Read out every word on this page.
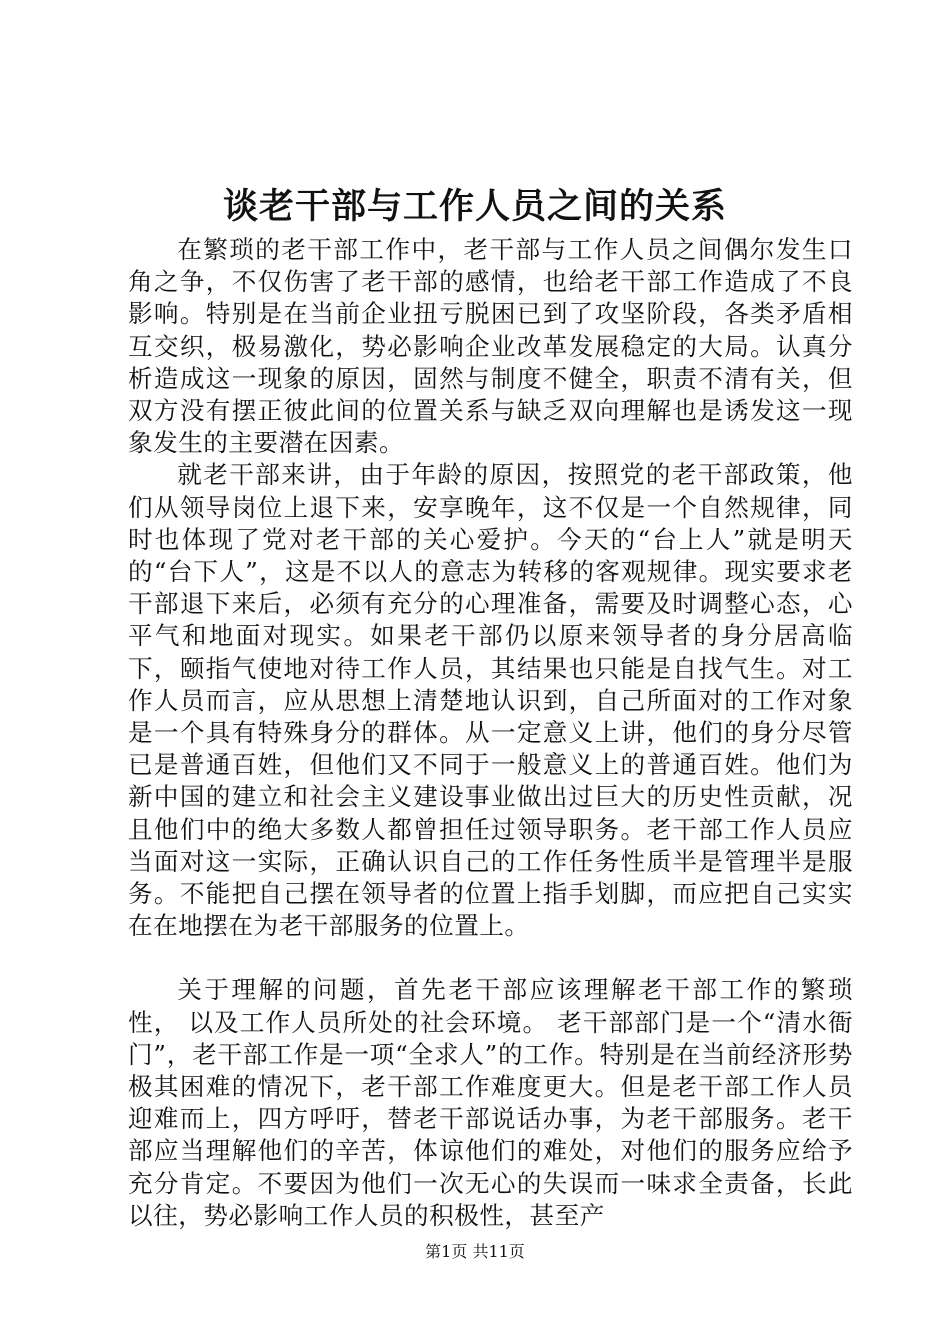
谈老干部与工作人员之间的关系

在繁琐的老干部工作中，老干部与工作人员之间偶尔发生口角之争，不仅伤害了老干部的感情，也给老干部工作造成了不良影响。特别是在当前企业扭亏脱困已到了攻坚阶段，各类矛盾相互交织，极易激化，势必影响企业改革发展稳定的大局。认真分析造成这一现象的原因，固然与制度不健全，职责不清有关，但双方没有摆正彼此间的位置关系与缺乏双向理解也是诱发这一现象发生的主要潜在因素。

就老干部来讲，由于年龄的原因，按照党的老干部政策，他们从领导岗位上退下来，安享晚年，这不仅是一个自然规律，同时也体现了党对老干部的关心爱护。今天的“台上人”就是明天的“台下人”，这是不以人的意志为转移的客观规律。现实要求老干部退下来后，必须有充分的心理准备，需要及时调整心态，心平气和地面对现实。如果老干部仍以原来领导者的身分居高临下，颐指气使地对待工作人员，其结果也只能是自找气生。对工作人员而言，应从思想上清楚地认识到，自己所面对的工作对象是一个具有特殊身分的群体。从一定意义上讲，他们的身分尽管已是普通百姓，但他们又不同于一般意义上的普通百姓。他们为新中国的建立和社会主义建设事业做出过巨大的历史性贡献，况且他们中的绝大多数人都曾担任过领导职务。老干部工作人员应当面对这一实际，正确认识自己的工作任务性质半是管理半是服务。不能把自己摆在领导者的位置上指手划脚，而应把自己实实在在地摆在为老干部服务的位置上。

关于理解的问题，首先老干部应该理解老干部工作的繁琐性， 以及工作人员所处的社会环境。 老干部部门是一个“清水衙门”，老干部工作是一项“全求人”的工作。特别是在当前经济形势极其困难的情况下，老干部工作难度更大。但是老干部工作人员迎难而上，四方呼吁，替老干部说话办事，为老干部服务。老干部应当理解他们的辛苦，体谅他们的难处，对他们的服务应给予充分肯定。不要因为他们一次无心的失误而一味求全责备，长此以往，势必影响工作人员的积极性，甚至产

第1页 共11页
